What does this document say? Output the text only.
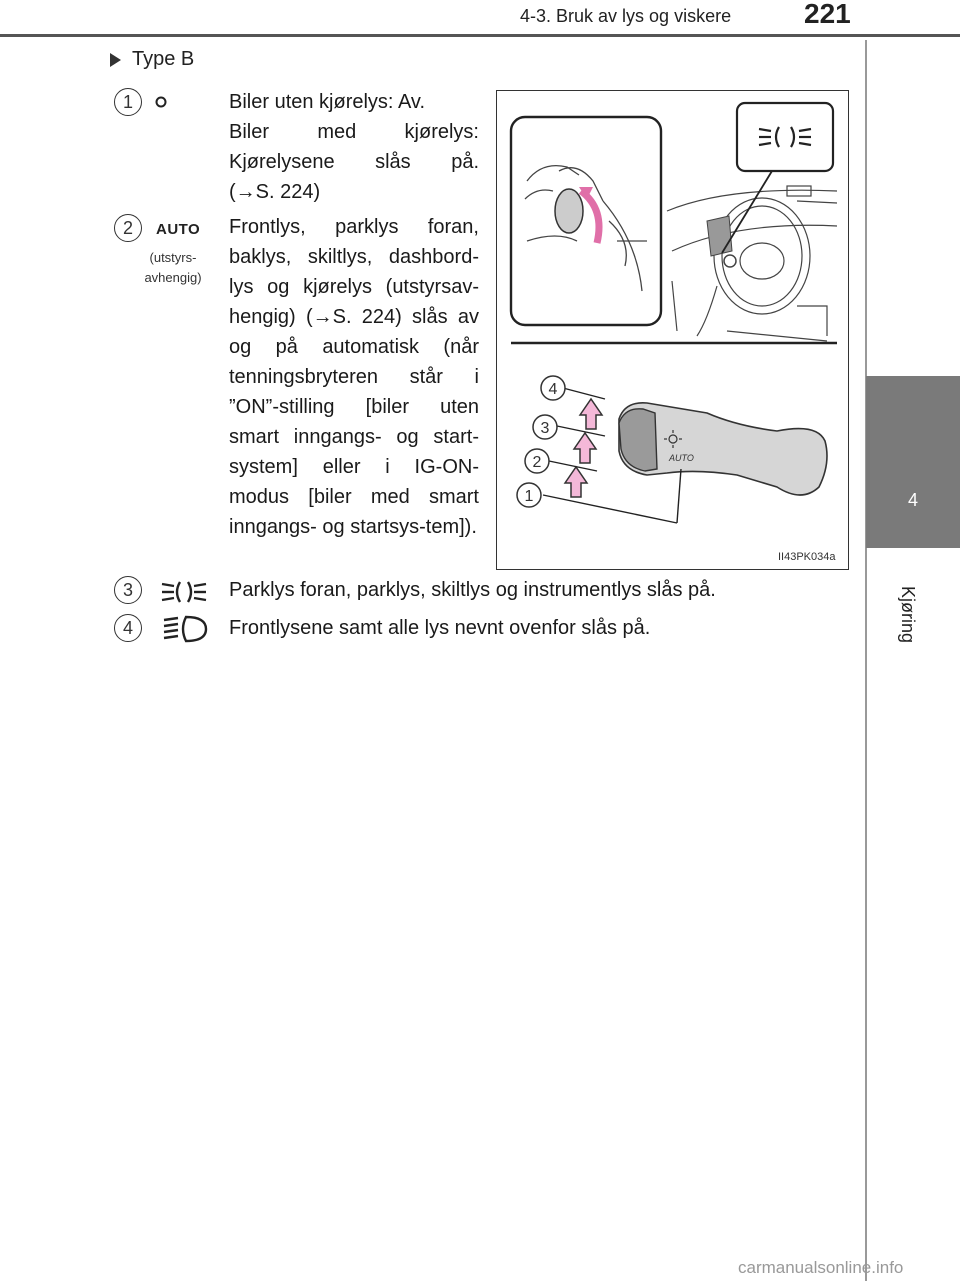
4-3. Bruk av lys og viskere	221
4
Kjøring
Type B
1	Biler uten kjørelys: Av.
Biler med kjørelys:
Kjørelysene slås på.
(→S. 224)
2	AUTO
(utstyrs-avhengig)
Frontlys, parklys foran, baklys, skiltlys, dashbord-lys og kjørelys (utstyrsav-hengig) (→S. 224) slås av og på automatisk (når tenningsbryteren står i ”ON”-stilling [biler uten smart inngangs- og start-system] eller i IG-ON-modus [biler med smart inngangs- og startsys-tem]).
AUTO
4
3
2
1
II43PK034a
3	Parklys foran, parklys, skiltlys og instrumentlys slås på.
4	Frontlysene samt alle lys nevnt ovenfor slås på.
carmanualsonline.info
